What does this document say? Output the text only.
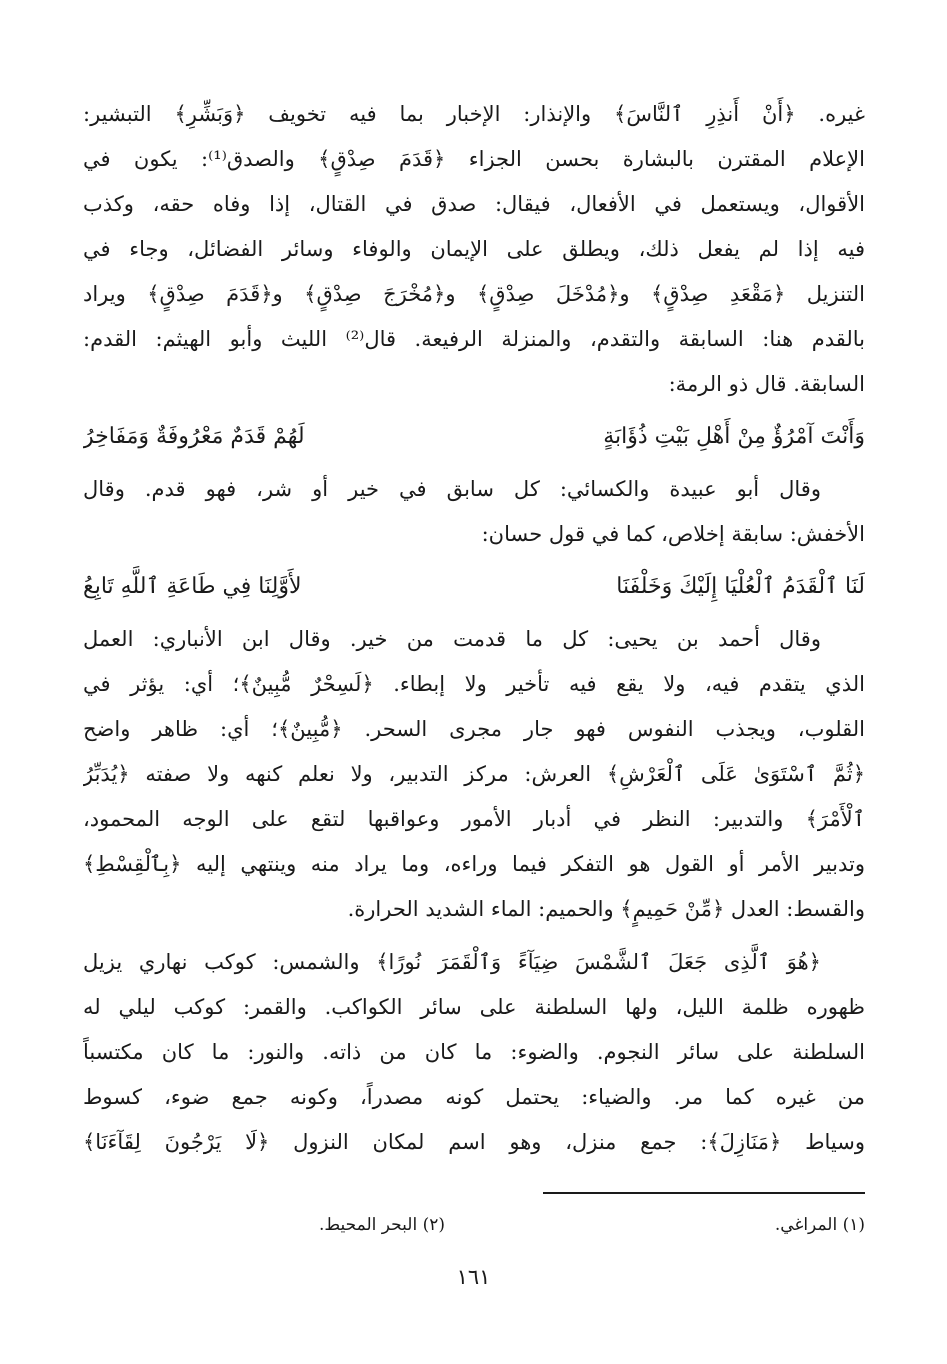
غيره. ﴿أَنْ أَنذِرِ ٱلنَّاسَ﴾ والإنذار: الإخبار بما فيه تخويف ﴿وَبَشِّرِ﴾ التبشير:
الإعلام المقترن بالبشارة بحسن الجزاء ﴿قَدَمَ صِدْقٍ﴾ والصدق⁽¹⁾: يكون في
الأقوال، ويستعمل في الأفعال، فيقال: صدق في القتال، إذا وفاه حقه، وكذب
فيه إذا لم يفعل ذلك، ويطلق على الإيمان والوفاء وسائر الفضائل، وجاء في
التنزيل ﴿مَقْعَدِ صِدْقٍ﴾ و﴿مُدْخَلَ صِدْقٍ﴾ و﴿مُخْرَجَ صِدْقٍ﴾ و﴿قَدَمَ صِدْقٍ﴾ ويراد
بالقدم هنا: السابقة والتقدم، والمنزلة الرفيعة. قال⁽²⁾ الليث وأبو الهيثم: القدم:
السابقة. قال ذو الرمة:
وَأَنْتَ آمْرُؤٌ مِنْ أَهْلِ بَيْتِ ذُؤَابَةٍ
لَهُمْ قَدَمٌ مَعْرُوفَةٌ وَمَفَاخِرُ
وقال أبو عبيدة والكسائي: كل سابق في خير أو شر، فهو قدم. وقال
الأخفش: سابقة إخلاص، كما في قول حسان:
لَنَا ٱلْقَدَمُ ٱلْعُلْيَا إِلَيْكَ وَخَلْفَنَا
لأَوَّلِنَا فِي طَاعَةِ ٱللَّهِ تَابِعُ
وقال أحمد بن يحيى: كل ما قدمت من خير. وقال ابن الأنباري: العمل
الذي يتقدم فيه، ولا يقع فيه تأخير ولا إبطاء. ﴿لَسِحْرٌ مُّبِينٌ﴾؛ أي: يؤثر في
القلوب، ويجذب النفوس فهو جار مجرى السحر. ﴿مُّبِينٌ﴾؛ أي: ظاهر واضح
﴿ثُمَّ ٱسْتَوَىٰ عَلَى ٱلْعَرْشِ﴾ العرش: مركز التدبير، ولا نعلم كنهه ولا صفته ﴿يُدَبِّرُ
ٱلْأَمْرَ﴾ والتدبير: النظر في أدبار الأمور وعواقبها لتقع على الوجه المحمود،
وتدبير الأمر أو القول هو التفكر فيما وراءه، وما يراد منه وينتهي إليه ﴿بِٱلْقِسْطِ﴾
والقسط: العدل ﴿مِّنْ حَمِيمٍ﴾ والحميم: الماء الشديد الحرارة.
﴿هُوَ ٱلَّذِى جَعَلَ ٱلشَّمْسَ ضِيَآءً وَٱلْقَمَرَ نُورًا﴾ والشمس: كوكب نهاري يزيل
ظهوره ظلمة الليل، ولها السلطنة على سائر الكواكب. والقمر: كوكب ليلي له
السلطنة على سائر النجوم. والضوء: ما كان من ذاته. والنور: ما كان مكتسباً
من غيره كما مر. والضياء: يحتمل كونه مصدراً، وكونه جمع ضوء، كسوط
وسياط ﴿مَنَازِلَ﴾: جمع منزل، وهو اسم لمكان النزول ﴿لَا يَرْجُونَ لِقَآءَنَا﴾
(١) المراغي.
(٢) البحر المحيط.
١٦١
